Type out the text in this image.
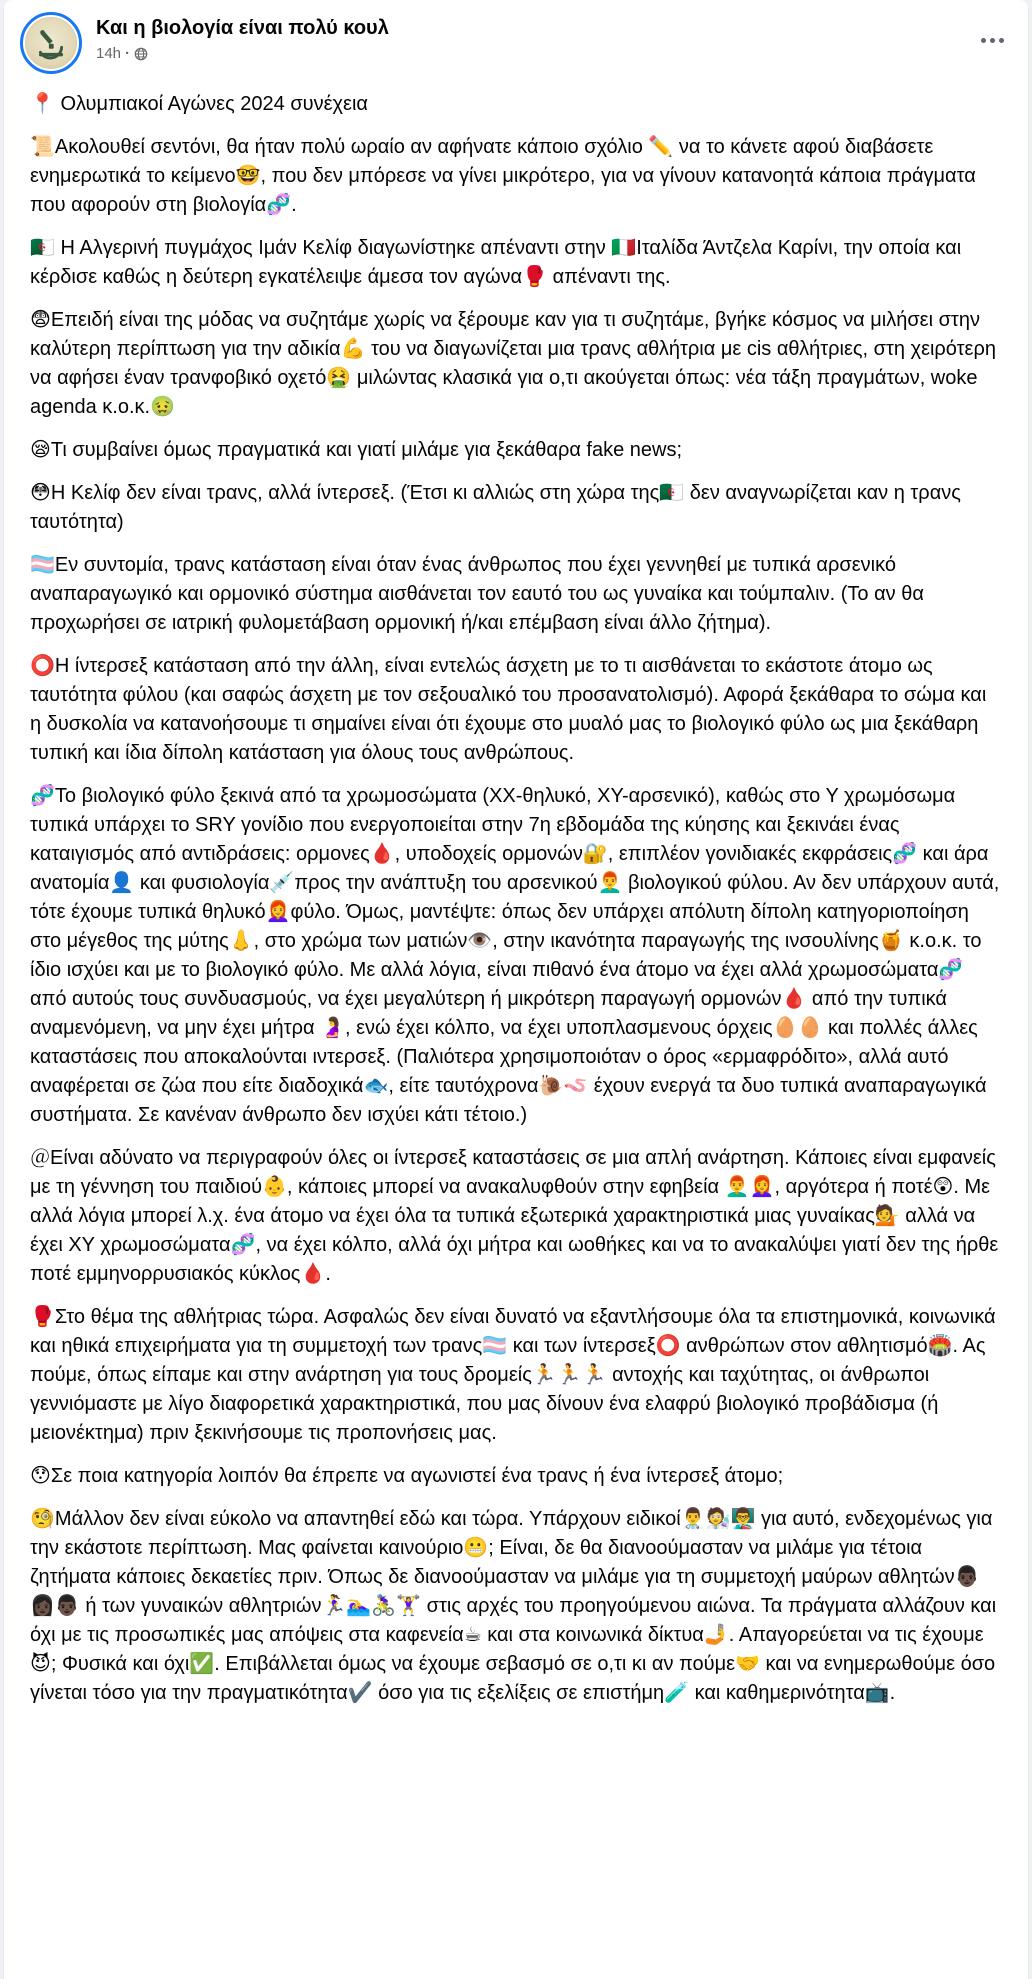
Και η βιολογία είναι πολύ κουλ
14h ·

📍 Ολυμπιακοί Αγώνες 2024 συνέχεια

📜Ακολουθεί σεντόνι, θα ήταν πολύ ωραίο αν αφήνατε κάποιο σχόλιο ✏️ να το κάνετε αφού διαβάσετε ενημερωτικά το κείμενο🤓, που δεν μπόρεσε να γίνει μικρότερο, για να γίνουν κατανοητά κάποια πράγματα που αφορούν στη βιολογία🧬.

🇩🇿 Η Αλγερινή πυγμάχος Ιμάν Κελίφ διαγωνίστηκε απέναντι στην 🇮🇹Ιταλίδα Άντζελα Καρίνι, την οποία και κέρδισε καθώς η δεύτερη εγκατέλειψε άμεσα τον αγώνα🥊 απέναντι της.

😨Επειδή είναι της μόδας να συζητάμε χωρίς να ξέρουμε καν για τι συζητάμε, βγήκε κόσμος να μιλήσει στην καλύτερη περίπτωση για την αδικία💪 του να διαγωνίζεται μια τρανς αθλήτρια με cis αθλήτριες, στη χειρότερη να αφήσει έναν τρανφοβικό οχετό🤮 μιλώντας κλασικά για ο,τι ακούγεται όπως: νέα τάξη πραγμάτων, woke agenda κ.ο.κ.🤢

😪Τι συμβαίνει όμως πραγματικά και γιατί μιλάμε για ξεκάθαρα fake news;

😳Η Κελίφ δεν είναι τρανς, αλλά ίντερσεξ. (Έτσι κι αλλιώς στη χώρα της🇩🇿 δεν αναγνωρίζεται καν η τρανς ταυτότητα)

🏳️‍⚧️Εν συντομία, τρανς κατάσταση είναι όταν ένας άνθρωπος που έχει γεννηθεί με τυπικά αρσενικό αναπαραγωγικό και ορμονικό σύστημα αισθάνεται τον εαυτό του ως γυναίκα και τούμπαλιν. (Το αν θα προχωρήσει σε ιατρική φυλομετάβαση ορμονική ή/και επέμβαση είναι άλλο ζήτημα).

⭕Η ίντερσεξ κατάσταση από την άλλη, είναι εντελώς άσχετη με το τι αισθάνεται το εκάστοτε άτομο ως ταυτότητα φύλου (και σαφώς άσχετη με τον σεξουαλικό του προσανατολισμό). Αφορά ξεκάθαρα το σώμα και η δυσκολία να κατανοήσουμε τι σημαίνει είναι ότι έχουμε στο μυαλό μας το βιολογικό φύλο ως μια ξεκάθαρη τυπική και ίδια δίπολη κατάσταση για όλους τους ανθρώπους.

🧬Το βιολογικό φύλο ξεκινά από τα χρωμοσώματα (ΧΧ-θηλυκό, ΧΥ-αρσενικό), καθώς στο Υ χρωμόσωμα τυπικά υπάρχει το SRY γονίδιο που ενεργοποιείται στην 7η εβδομάδα της κύησης και ξεκινάει ένας καταιγισμός από αντιδράσεις: ορμονες🩸, υποδοχείς ορμονών🔐, επιπλέον γονιδιακές εκφράσεις🧬 και άρα ανατομία👤 και φυσιολογία💉προς την ανάπτυξη του αρσενικού👨‍🦰 βιολογικού φύλου. Αν δεν υπάρχουν αυτά, τότε έχουμε τυπικά θηλυκό👩‍🦰φύλο. Όμως, μαντέψτε: όπως δεν υπάρχει απόλυτη δίπολη κατηγοριοποίηση στο μέγεθος της μύτης👃, στο χρώμα των ματιών👁️, στην ικανότητα παραγωγής της ινσουλίνης🍯 κ.ο.κ. το ίδιο ισχύει και με το βιολογικό φύλο. Με αλλά λόγια, είναι πιθανό ένα άτομο να έχει αλλά χρωμοσώματα🧬 από αυτούς τους συνδυασμούς, να έχει μεγαλύτερη ή μικρότερη παραγωγή ορμονών🩸 από την τυπικά αναμενόμενη, να μην έχει μήτρα 🤰, ενώ έχει κόλπο, να έχει υποπλασμενους όρχεις🥚🥚 και πολλές άλλες καταστάσεις που αποκαλούνται ιντερσεξ. (Παλιότερα χρησιμοποιόταν ο όρος «ερμαφρόδιτο», αλλά αυτό αναφέρεται σε ζώα που είτε διαδοχικά🐟, είτε ταυτόχρονα🐌🪱 έχουν ενεργά τα δυο τυπικά αναπαραγωγικά συστήματα. Σε κανέναν άνθρωπο δεν ισχύει κάτι τέτοιο.)

＠Είναι αδύνατο να περιγραφούν όλες οι ίντερσεξ καταστάσεις σε μια απλή ανάρτηση. Κάποιες είναι εμφανείς με τη γέννηση του παιδιού👶, κάποιες μπορεί να ανακαλυφθούν στην εφηβεία 👨‍🦰👩‍🦰, αργότερα ή ποτέ😲. Με αλλά λόγια μπορεί λ.χ. ένα άτομο να έχει όλα τα τυπικά εξωτερικά χαρακτηριστικά μιας γυναίκας💁 αλλά να έχει ΧΥ χρωμοσώματα🧬, να έχει κόλπο, αλλά όχι μήτρα και ωοθήκες και να το ανακαλύψει γιατί δεν της ήρθε ποτέ εμμηνορρυσιακός κύκλος🩸.

🥊Στο θέμα της αθλήτριας τώρα. Ασφαλώς δεν είναι δυνατό να εξαντλήσουμε όλα τα επιστημονικά, κοινωνικά και ηθικά επιχειρήματα για τη συμμετοχή των τρανς🏳️‍⚧️ και των ίντερσεξ⭕ ανθρώπων στον αθλητισμό🏟️. Ας πούμε, όπως είπαμε και στην ανάρτηση για τους δρομείς🏃🏃🏃 αντοχής και ταχύτητας, οι άνθρωποι γεννιόμαστε με λίγο διαφορετικά χαρακτηριστικά, που μας δίνουν ένα ελαφρύ βιολογικό προβάδισμα (ή μειονέκτημα) πριν ξεκινήσουμε τις προπονήσεις μας.

😯Σε ποια κατηγορία λοιπόν θα έπρεπε να αγωνιστεί ένα τρανς ή ένα ίντερσεξ άτομο;

🧐Μάλλον δεν είναι εύκολο να απαντηθεί εδώ και τώρα. Υπάρχουν ειδικοί👨‍⚕️🧑‍🔬👨‍🏫 για αυτό, ενδεχομένως για την εκάστοτε περίπτωση. Μας φαίνεται καινούριο😬; Είναι, δε θα διανοούμασταν να μιλάμε για τέτοια ζητήματα κάποιες δεκαετίες πριν. Όπως δε διανοούμασταν να μιλάμε για τη συμμετοχή μαύρων αθλητών👨🏿👩🏿👨🏿 ή των γυναικών αθλητριών🏃‍♀️🏊‍♀️🚴‍♀️🏋️‍♀️ στις αρχές του προηγούμενου αιώνα. Τα πράγματα αλλάζουν και όχι με τις προσωπικές μας απόψεις στα καφενεία☕ και στα κοινωνικά δίκτυα🤳. Απαγορεύεται να τις έχουμε😈; Φυσικά και όχι✅. Επιβάλλεται όμως να έχουμε σεβασμό σε ο,τι κι αν πούμε🤝 και να ενημερωθούμε όσο γίνεται τόσο για την πραγματικότητα✔️ όσο για τις εξελίξεις σε επιστήμη🧪 και καθημερινότητα📺.
